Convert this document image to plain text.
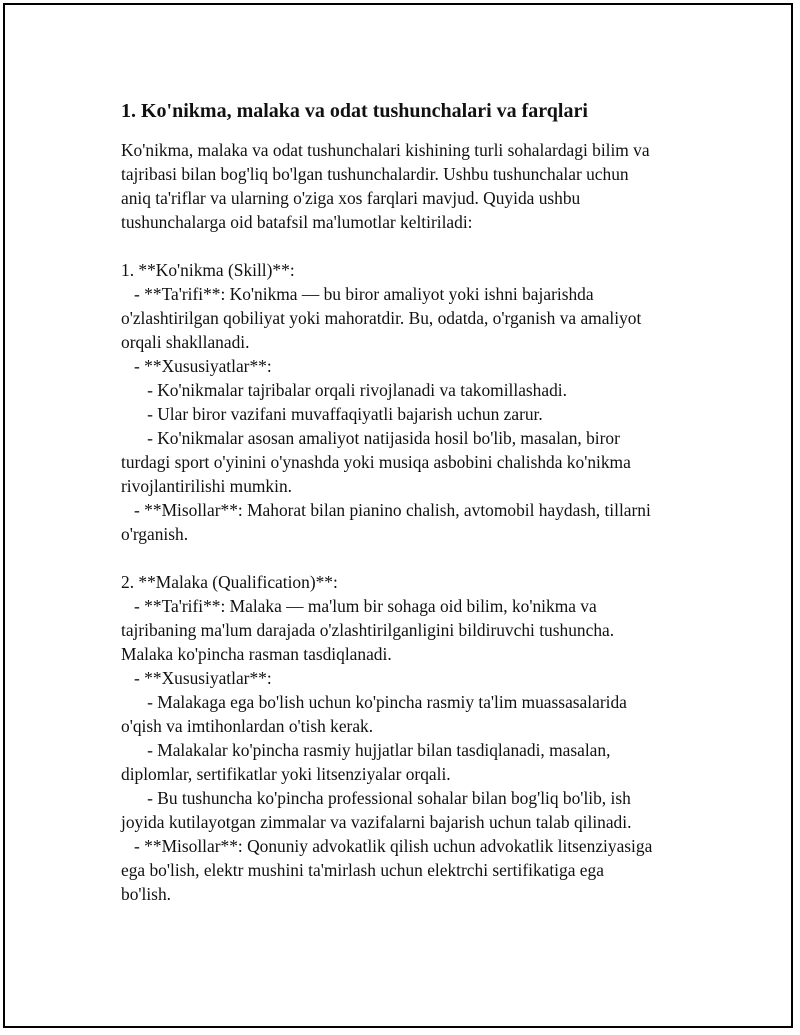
1. Ko'nikma, malaka va odat tushunchalari va farqlari
Ko'nikma, malaka va odat tushunchalari kishining turli sohalardagi bilim va
tajribasi bilan bog'liq bo'lgan tushunchalardir. Ushbu tushunchalar uchun
aniq ta'riflar va ularning o'ziga xos farqlari mavjud. Quyida ushbu
tushunchalarga oid batafsil ma'lumotlar keltiriladi:
1. **Ko'nikma (Skill)**:
- **Ta'rifi**: Ko'nikma — bu biror amaliyot yoki ishni bajarishda
o'zlashtirilgan qobiliyat yoki mahoratdir. Bu, odatda, o'rganish va amaliyot
orqali shakllanadi.
- **Xususiyatlar**:
- Ko'nikmalar tajribalar orqali rivojlanadi va takomillashadi.
- Ular biror vazifani muvaffaqiyatli bajarish uchun zarur.
- Ko'nikmalar asosan amaliyot natijasida hosil bo'lib, masalan, biror
turdagi sport o'yinini o'ynashda yoki musiqa asbobini chalishda ko'nikma
rivojlantirilishi mumkin.
- **Misollar**: Mahorat bilan pianino chalish, avtomobil haydash, tillarni
o'rganish.
2. **Malaka (Qualification)**:
- **Ta'rifi**: Malaka — ma'lum bir sohaga oid bilim, ko'nikma va
tajribaning ma'lum darajada o'zlashtirilganligini bildiruvchi tushuncha.
Malaka ko'pincha rasman tasdiqlanadi.
- **Xususiyatlar**:
- Malakaga ega bo'lish uchun ko'pincha rasmiy ta'lim muassasalarida
o'qish va imtihonlardan o'tish kerak.
- Malakalar ko'pincha rasmiy hujjatlar bilan tasdiqlanadi, masalan,
diplomlar, sertifikatlar yoki litsenziyalar orqali.
- Bu tushuncha ko'pincha professional sohalar bilan bog'liq bo'lib, ish
joyida kutilayotgan zimmalar va vazifalarni bajarish uchun talab qilinadi.
- **Misollar**: Qonuniy advokatlik qilish uchun advokatlik litsenziyasiga
ega bo'lish, elektr mushini ta'mirlash uchun elektrchi sertifikatiga ega
bo'lish.
